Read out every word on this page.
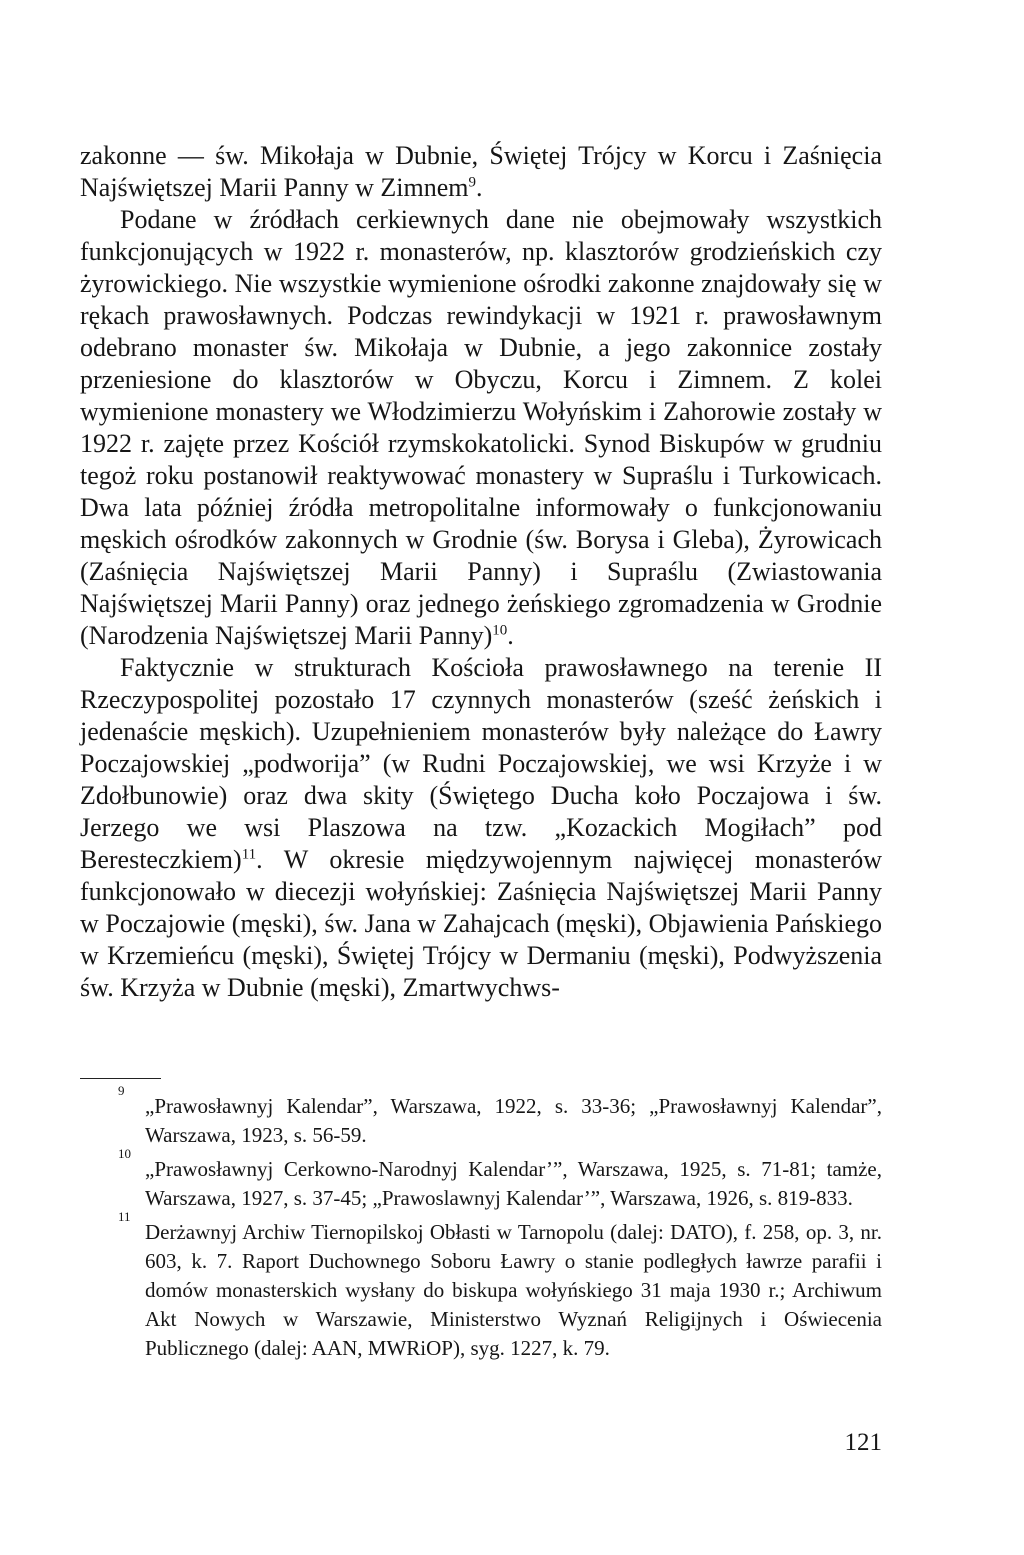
zakonne — św. Mikołaja w Dubnie, Świętej Trójcy w Korcu i Zaśnięcia Najświętszej Marii Panny w Zimnem$^9$.

Podane w źródłach cerkiewnych dane nie obejmowały wszystkich funkcjonujących w 1922 r. monasterów, np. klasztorów grodzieńskich czy żyrowickiego. Nie wszystkie wymienione ośrodki zakonne znajdowały się w rękach prawosławnych. Podczas rewindykacji w 1921 r. prawosławnym odebrano monaster św. Mikołaja w Dubnie, a jego zakonnice zostały przeniesione do klasztorów w Obyczu, Korcu i Zimnem. Z kolei wymienione monastery we Włodzimierzu Wołyńskim i Zahorowie zostały w 1922 r. zajęte przez Kościół rzymskokatolicki. Synod Biskupów w grudniu tegoż roku postanowił reaktywować monastery w Supraślu i Turkowicach. Dwa lata później źródła metropolitalne informowały o funkcjonowaniu męskich ośrodków zakonnych w Grodnie (św. Borysa i Gleba), Żyrowicach (Zaśnięcia Najświętszej Marii Panny) i Supraślu (Zwiastowania Najświętszej Marii Panny) oraz jednego żeńskiego zgromadzenia w Grodnie (Narodzenia Najświętszej Marii Panny)$^{10}$.

Faktycznie w strukturach Kościoła prawosławnego na terenie II Rzeczypospolitej pozostało 17 czynnych monasterów (sześć żeńskich i jedenaście męskich). Uzupełnieniem monasterów były należące do Ławry Poczajowskiej „podworija” (w Rudni Poczajowskiej, we wsi Krzyże i w Zdołbunowie) oraz dwa skity (Świętego Ducha koło Poczajowa i św. Jerzego we wsi Plaszowa na tzw. „Kozackich Mogiłach” pod Beresteczkiem)$^{11}$. W okresie międzywojennym najwięcej monasterów funkcjonowało w diecezji wołyńskiej: Zaśnięcia Najświętszej Marii Panny w Poczajowie (męski), św. Jana w Zahajcach (męski), Objawienia Pańskiego w Krzemieńcu (męski), Świętej Trójcy w Dermaniu (męski), Podwyższenia św. Krzyża w Dubnie (męski), Zmartwychws-

9
„Prawosławnyj Kalendar”, Warszawa, 1922, s. 33-36; „Prawosławnyj Kalendar”, Warszawa, 1923, s. 56-59.
10
„Prawosławnyj Cerkowno-Narodnyj Kalendar’”, Warszawa, 1925, s. 71-81; tamże, Warszawa, 1927, s. 37-45; „Prawoslawnyj Kalendar’”, Warszawa, 1926, s. 819-833.
11
Derżawnyj Archiw Tiernopilskoj Obłasti w Tarnopolu (dalej: DATO), f. 258, op. 3, nr. 603, k. 7. Raport Duchownego Soboru Ławry o stanie podległych ławrze parafii i domów monasterskich wysłany do biskupa wołyńskiego 31 maja 1930 r.; Archiwum Akt Nowych w Warszawie, Ministerstwo Wyznań Religijnych i Oświecenia Publicznego (dalej: AAN, MWRiOP), syg. 1227, k. 79.
121
